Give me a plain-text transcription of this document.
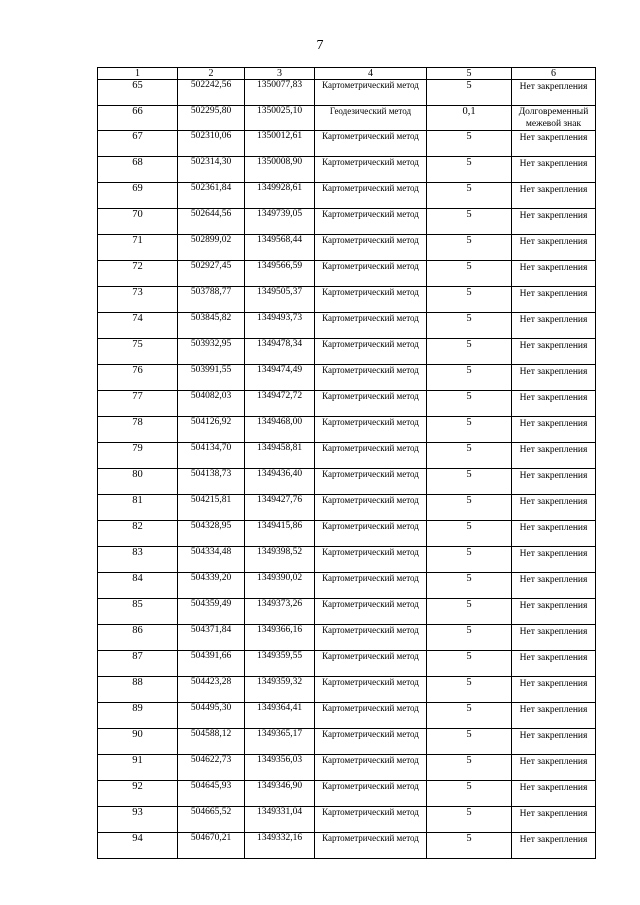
7
1	2	3	4	5	6
65	502242,56	1350077,83	Картометрический метод	5	Нет закрепления
66	502295,80	1350025,10	Геодезический метод	0,1	Долговременный межевой знак
67	502310,06	1350012,61	Картометрический метод	5	Нет закрепления
68	502314,30	1350008,90	Картометрический метод	5	Нет закрепления
69	502361,84	1349928,61	Картометрический метод	5	Нет закрепления
70	502644,56	1349739,05	Картометрический метод	5	Нет закрепления
71	502899,02	1349568,44	Картометрический метод	5	Нет закрепления
72	502927,45	1349566,59	Картометрический метод	5	Нет закрепления
73	503788,77	1349505,37	Картометрический метод	5	Нет закрепления
74	503845,82	1349493,73	Картометрический метод	5	Нет закрепления
75	503932,95	1349478,34	Картометрический метод	5	Нет закрепления
76	503991,55	1349474,49	Картометрический метод	5	Нет закрепления
77	504082,03	1349472,72	Картометрический метод	5	Нет закрепления
78	504126,92	1349468,00	Картометрический метод	5	Нет закрепления
79	504134,70	1349458,81	Картометрический метод	5	Нет закрепления
80	504138,73	1349436,40	Картометрический метод	5	Нет закрепления
81	504215,81	1349427,76	Картометрический метод	5	Нет закрепления
82	504328,95	1349415,86	Картометрический метод	5	Нет закрепления
83	504334,48	1349398,52	Картометрический метод	5	Нет закрепления
84	504339,20	1349390,02	Картометрический метод	5	Нет закрепления
85	504359,49	1349373,26	Картометрический метод	5	Нет закрепления
86	504371,84	1349366,16	Картометрический метод	5	Нет закрепления
87	504391,66	1349359,55	Картометрический метод	5	Нет закрепления
88	504423,28	1349359,32	Картометрический метод	5	Нет закрепления
89	504495,30	1349364,41	Картометрический метод	5	Нет закрепления
90	504588,12	1349365,17	Картометрический метод	5	Нет закрепления
91	504622,73	1349356,03	Картометрический метод	5	Нет закрепления
92	504645,93	1349346,90	Картометрический метод	5	Нет закрепления
93	504665,52	1349331,04	Картометрический метод	5	Нет закрепления
94	504670,21	1349332,16	Картометрический метод	5	Нет закрепления
